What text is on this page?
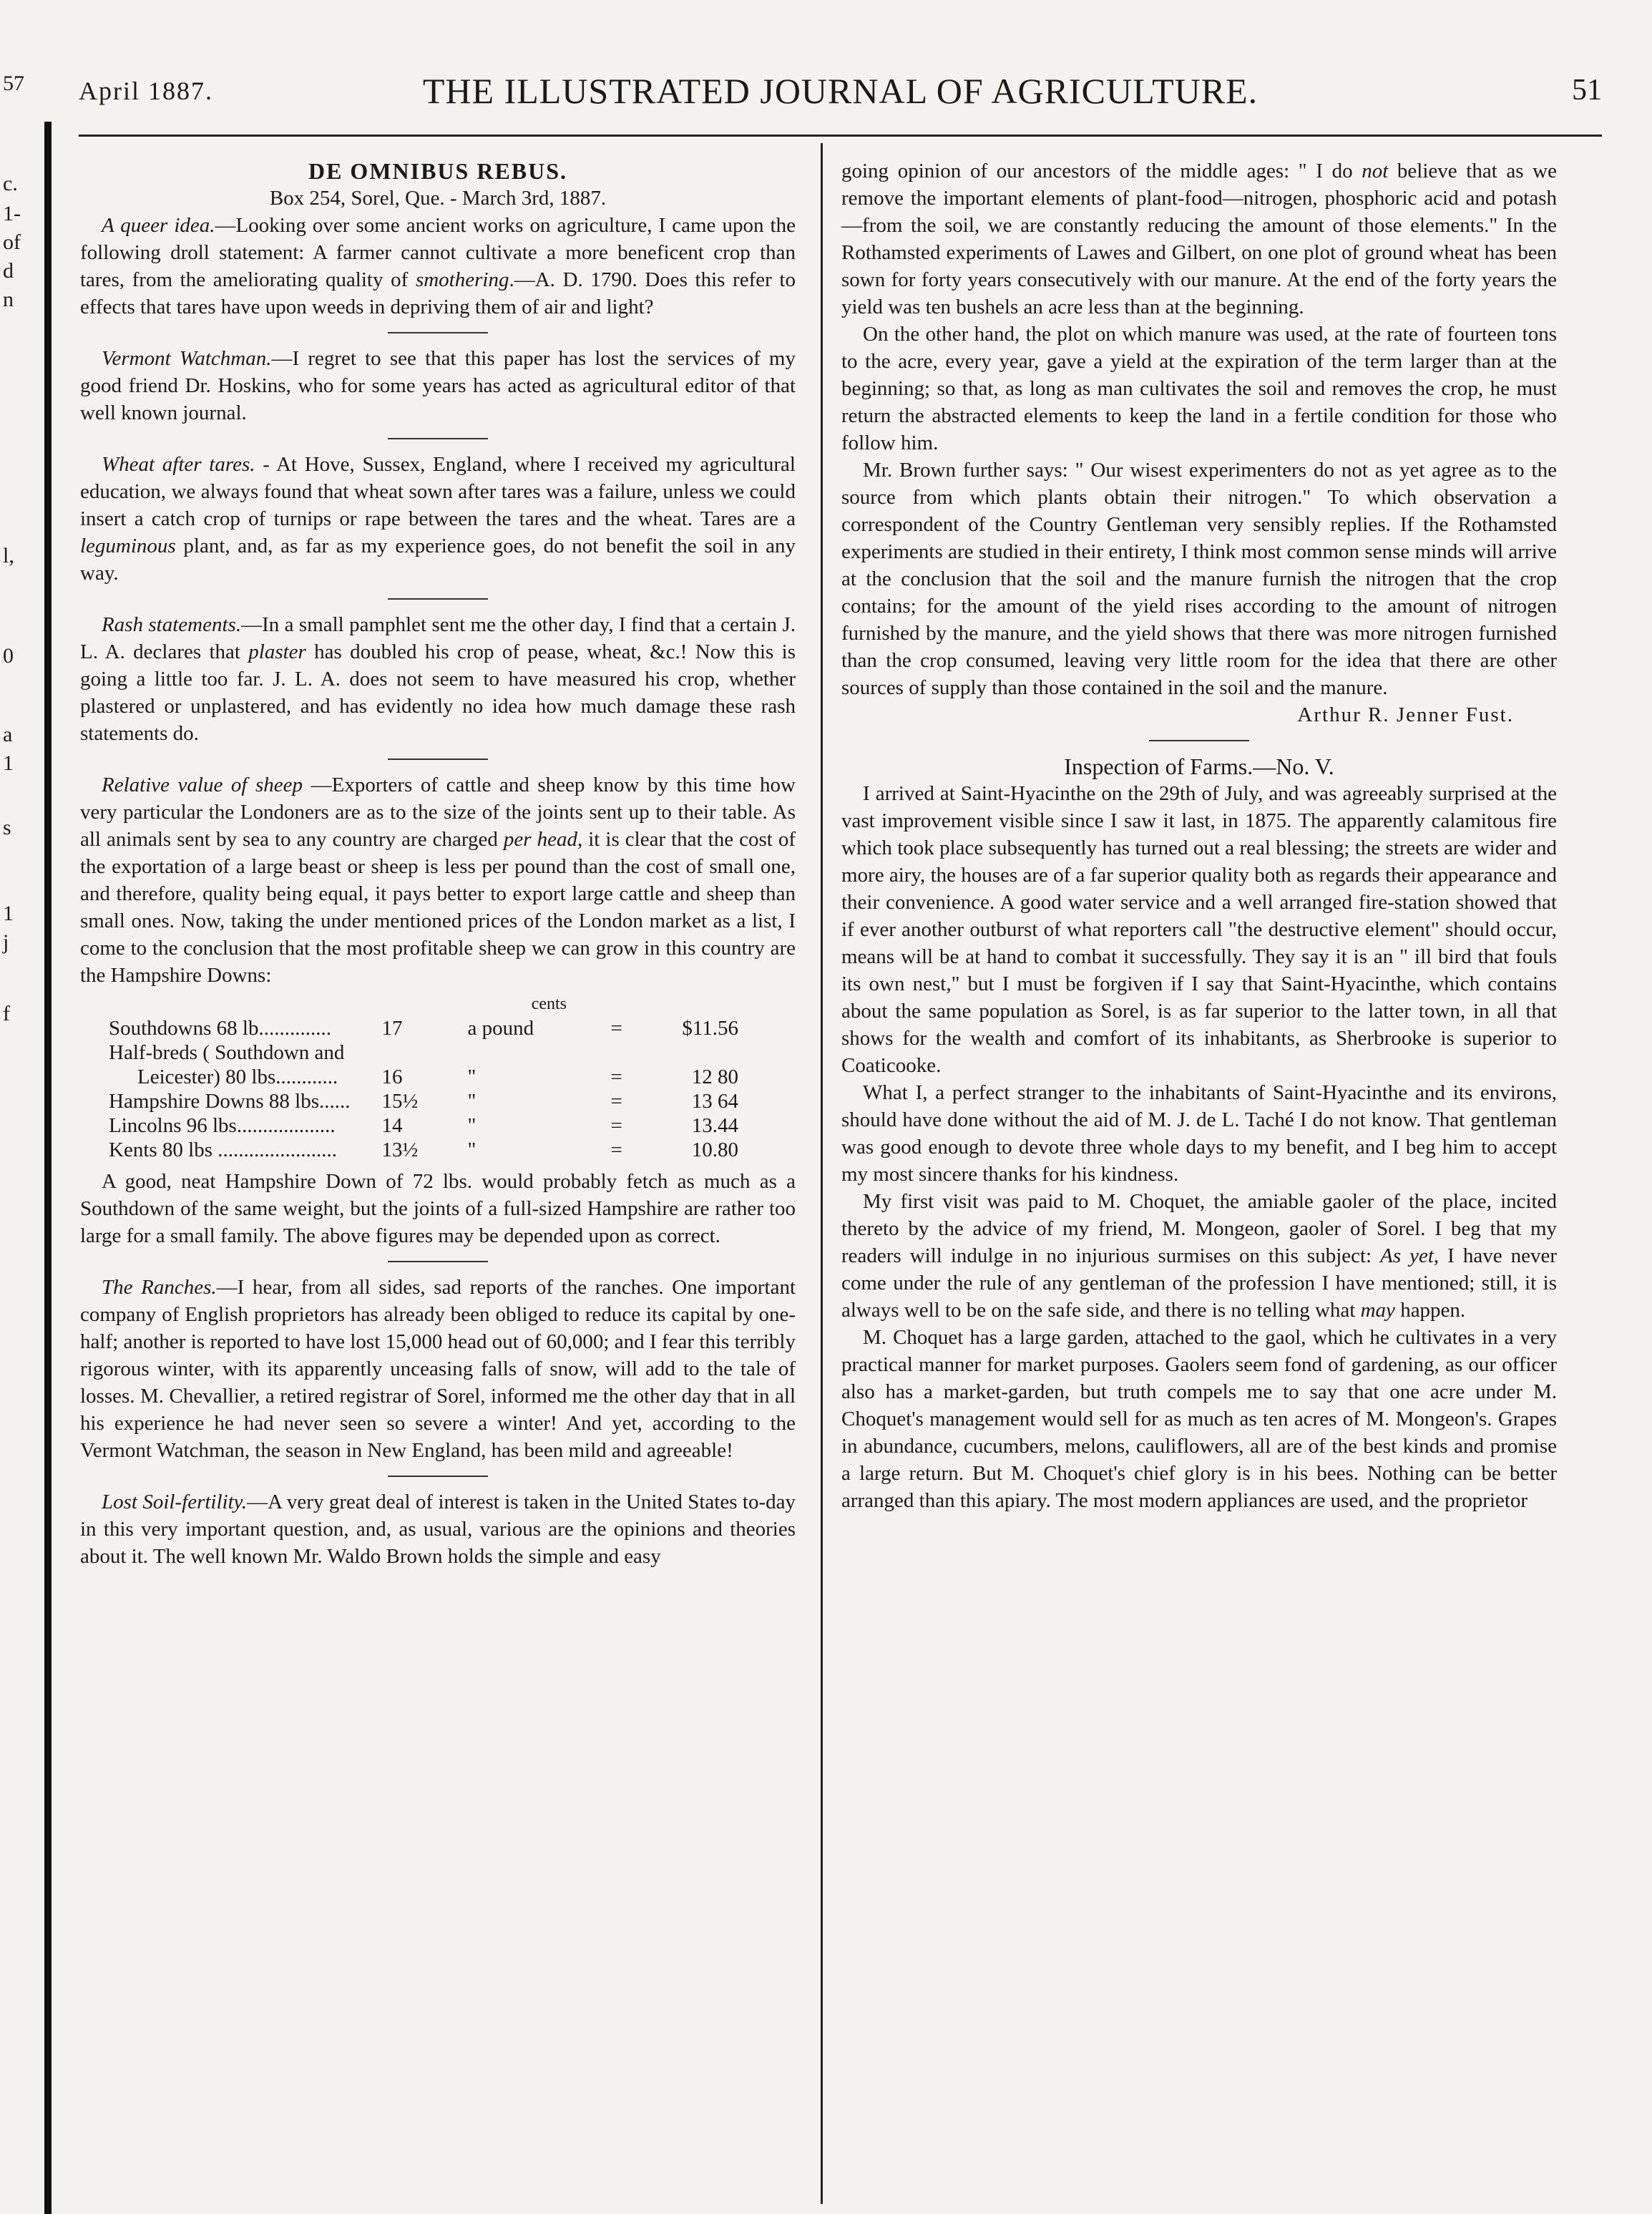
57
c.
1-
of
d
n
l,
0
a
1
s
1
j
f
April 1887.	THE ILLUSTRATED JOURNAL OF AGRICULTURE.	51

DE OMNIBUS REBUS.

Box 254, Sorel, Que. - March 3rd, 1887.

A queer idea.—Looking over some ancient works on agriculture, I came upon the following droll statement: A farmer cannot cultivate a more beneficent crop than tares, from the ameliorating quality of smothering.—A. D. 1790. Does this refer to effects that tares have upon weeds in depriving them of air and light?

Vermont Watchman.—I regret to see that this paper has lost the services of my good friend Dr. Hoskins, who for some years has acted as agricultural editor of that well known journal.

Wheat after tares. - At Hove, Sussex, England, where I received my agricultural education, we always found that wheat sown after tares was a failure, unless we could insert a catch crop of turnips or rape between the tares and the wheat. Tares are a leguminous plant, and, as far as my experience goes, do not benefit the soil in any way.

Rash statements.—In a small pamphlet sent me the other day, I find that a certain J. L. A. declares that plaster has doubled his crop of pease, wheat, &c.! Now this is going a little too far. J. L. A. does not seem to have measured his crop, whether plastered or unplastered, and has evidently no idea how much damage these rash statements do.

Relative value of sheep —Exporters of cattle and sheep know by this time how very particular the Londoners are as to the size of the joints sent up to their table. As all animals sent by sea to any country are charged per head, it is clear that the cost of the exportation of a large beast or sheep is less per pound than the cost of small one, and therefore, quality being equal, it pays better to export large cattle and sheep than small ones. Now, taking the under mentioned prices of the London market as a list, I come to the conclusion that the most profitable sheep we can grow in this country are the Hampshire Downs:

cents				
Southdowns 68 lb..............	17	a pound	=	$11.56
Half-breds ( Southdown and				
Leicester) 80 lbs............	16	"	=	12 80
Hampshire Downs 88 lbs......	15½	"	=	13 64
Lincolns 96 lbs...................	14	"	=	13.44
Kents 80 lbs .......................	13½	"	=	10.80

A good, neat Hampshire Down of 72 lbs. would probably fetch as much as a Southdown of the same weight, but the joints of a full-sized Hampshire are rather too large for a small family. The above figures may be depended upon as correct.

The Ranches.—I hear, from all sides, sad reports of the ranches. One important company of English proprietors has already been obliged to reduce its capital by one-half; another is reported to have lost 15,000 head out of 60,000; and I fear this terribly rigorous winter, with its apparently unceasing falls of snow, will add to the tale of losses. M. Chevallier, a retired registrar of Sorel, informed me the other day that in all his experience he had never seen so severe a winter! And yet, according to the Vermont Watchman, the season in New England, has been mild and agreeable!

Lost Soil-fertility.—A very great deal of interest is taken in the United States to-day in this very important question, and, as usual, various are the opinions and theories about it. The well known Mr. Waldo Brown holds the simple and easy

going opinion of our ancestors of the middle ages: " I do not believe that as we remove the important elements of plant-food—nitrogen, phosphoric acid and potash—from the soil, we are constantly reducing the amount of those elements." In the Rothamsted experiments of Lawes and Gilbert, on one plot of ground wheat has been sown for forty years consecutively with our manure. At the end of the forty years the yield was ten bushels an acre less than at the beginning.

On the other hand, the plot on which manure was used, at the rate of fourteen tons to the acre, every year, gave a yield at the expiration of the term larger than at the beginning; so that, as long as man cultivates the soil and removes the crop, he must return the abstracted elements to keep the land in a fertile condition for those who follow him.

Mr. Brown further says: " Our wisest experimenters do not as yet agree as to the source from which plants obtain their nitrogen." To which observation a correspondent of the Country Gentleman very sensibly replies. If the Rothamsted experiments are studied in their entirety, I think most common sense minds will arrive at the conclusion that the soil and the manure furnish the nitrogen that the crop contains; for the amount of the yield rises according to the amount of nitrogen furnished by the manure, and the yield shows that there was more nitrogen furnished than the crop consumed, leaving very little room for the idea that there are other sources of supply than those contained in the soil and the manure.

Arthur R. Jenner Fust.

Inspection of Farms.—No. V.

I arrived at Saint-Hyacinthe on the 29th of July, and was agreeably surprised at the vast improvement visible since I saw it last, in 1875. The apparently calamitous fire which took place subsequently has turned out a real blessing; the streets are wider and more airy, the houses are of a far superior quality both as regards their appearance and their convenience. A good water service and a well arranged fire-station showed that if ever another outburst of what reporters call "the destructive element" should occur, means will be at hand to combat it successfully. They say it is an " ill bird that fouls its own nest," but I must be forgiven if I say that Saint-Hyacinthe, which contains about the same population as Sorel, is as far superior to the latter town, in all that shows for the wealth and comfort of its inhabitants, as Sherbrooke is superior to Coaticooke.

What I, a perfect stranger to the inhabitants of Saint-Hyacinthe and its environs, should have done without the aid of M. J. de L. Taché I do not know. That gentleman was good enough to devote three whole days to my benefit, and I beg him to accept my most sincere thanks for his kindness.

My first visit was paid to M. Choquet, the amiable gaoler of the place, incited thereto by the advice of my friend, M. Mongeon, gaoler of Sorel. I beg that my readers will indulge in no injurious surmises on this subject: As yet, I have never come under the rule of any gentleman of the profession I have mentioned; still, it is always well to be on the safe side, and there is no telling what may happen.

M. Choquet has a large garden, attached to the gaol, which he cultivates in a very practical manner for market purposes. Gaolers seem fond of gardening, as our officer also has a market-garden, but truth compels me to say that one acre under M. Choquet's management would sell for as much as ten acres of M. Mongeon's. Grapes in abundance, cucumbers, melons, cauliflowers, all are of the best kinds and promise a large return. But M. Choquet's chief glory is in his bees. Nothing can be better arranged than this apiary. The most modern appliances are used, and the proprietor
